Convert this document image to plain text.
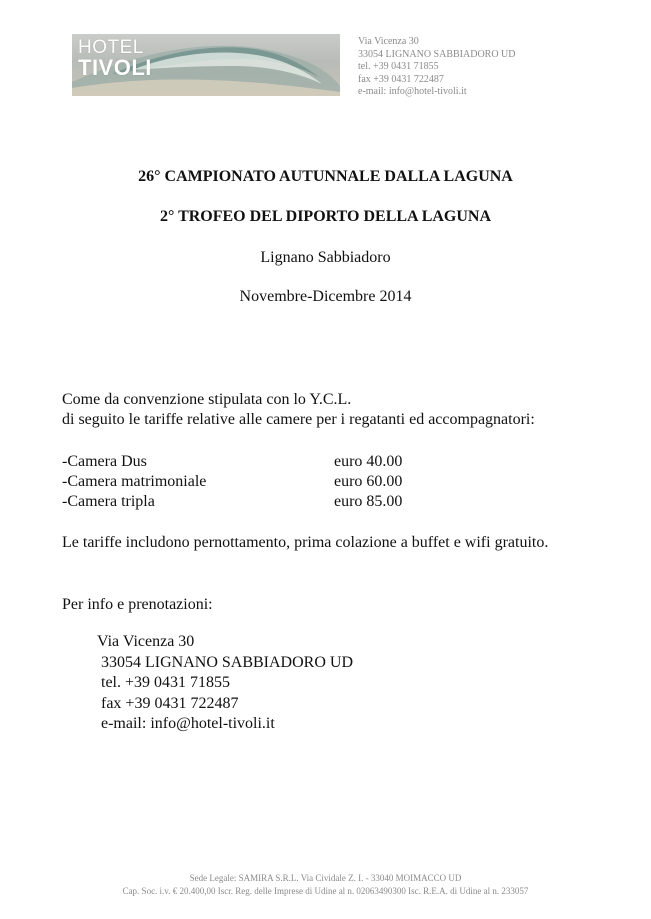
HOTEL
TIVOLI
Via Vicenza 30
33054 LIGNANO SABBIADORO UD
tel. +39 0431 71855
fax +39 0431 722487
e-mail: info@hotel-tivoli.it
26° CAMPIONATO AUTUNNALE DALLA LAGUNA
2° TROFEO DEL DIPORTO DELLA LAGUNA
Lignano Sabbiadoro
Novembre-Dicembre 2014
Come da convenzione stipulata con lo Y.C.L.
di seguito le tariffe relative alle camere per i regatanti ed accompagnatori:
-Camera Dus	euro 40.00
-Camera matrimoniale	euro 60.00
-Camera tripla	euro 85.00
Le tariffe includono pernottamento, prima colazione a buffet e wifi gratuito.
Per info e prenotazioni:
Via Vicenza 30
33054 LIGNANO SABBIADORO UD
tel. +39 0431 71855
fax +39 0431 722487
e-mail: info@hotel-tivoli.it
Sede Legale: SAMIRA S.R.L. Via Cividale Z. I. - 33040 MOIMACCO UD
Cap. Soc. i.v. € 20.400,00 Iscr. Reg. delle Imprese di Udine al n. 02063490300 Isc. R.E.A. di Udine al n. 233057
